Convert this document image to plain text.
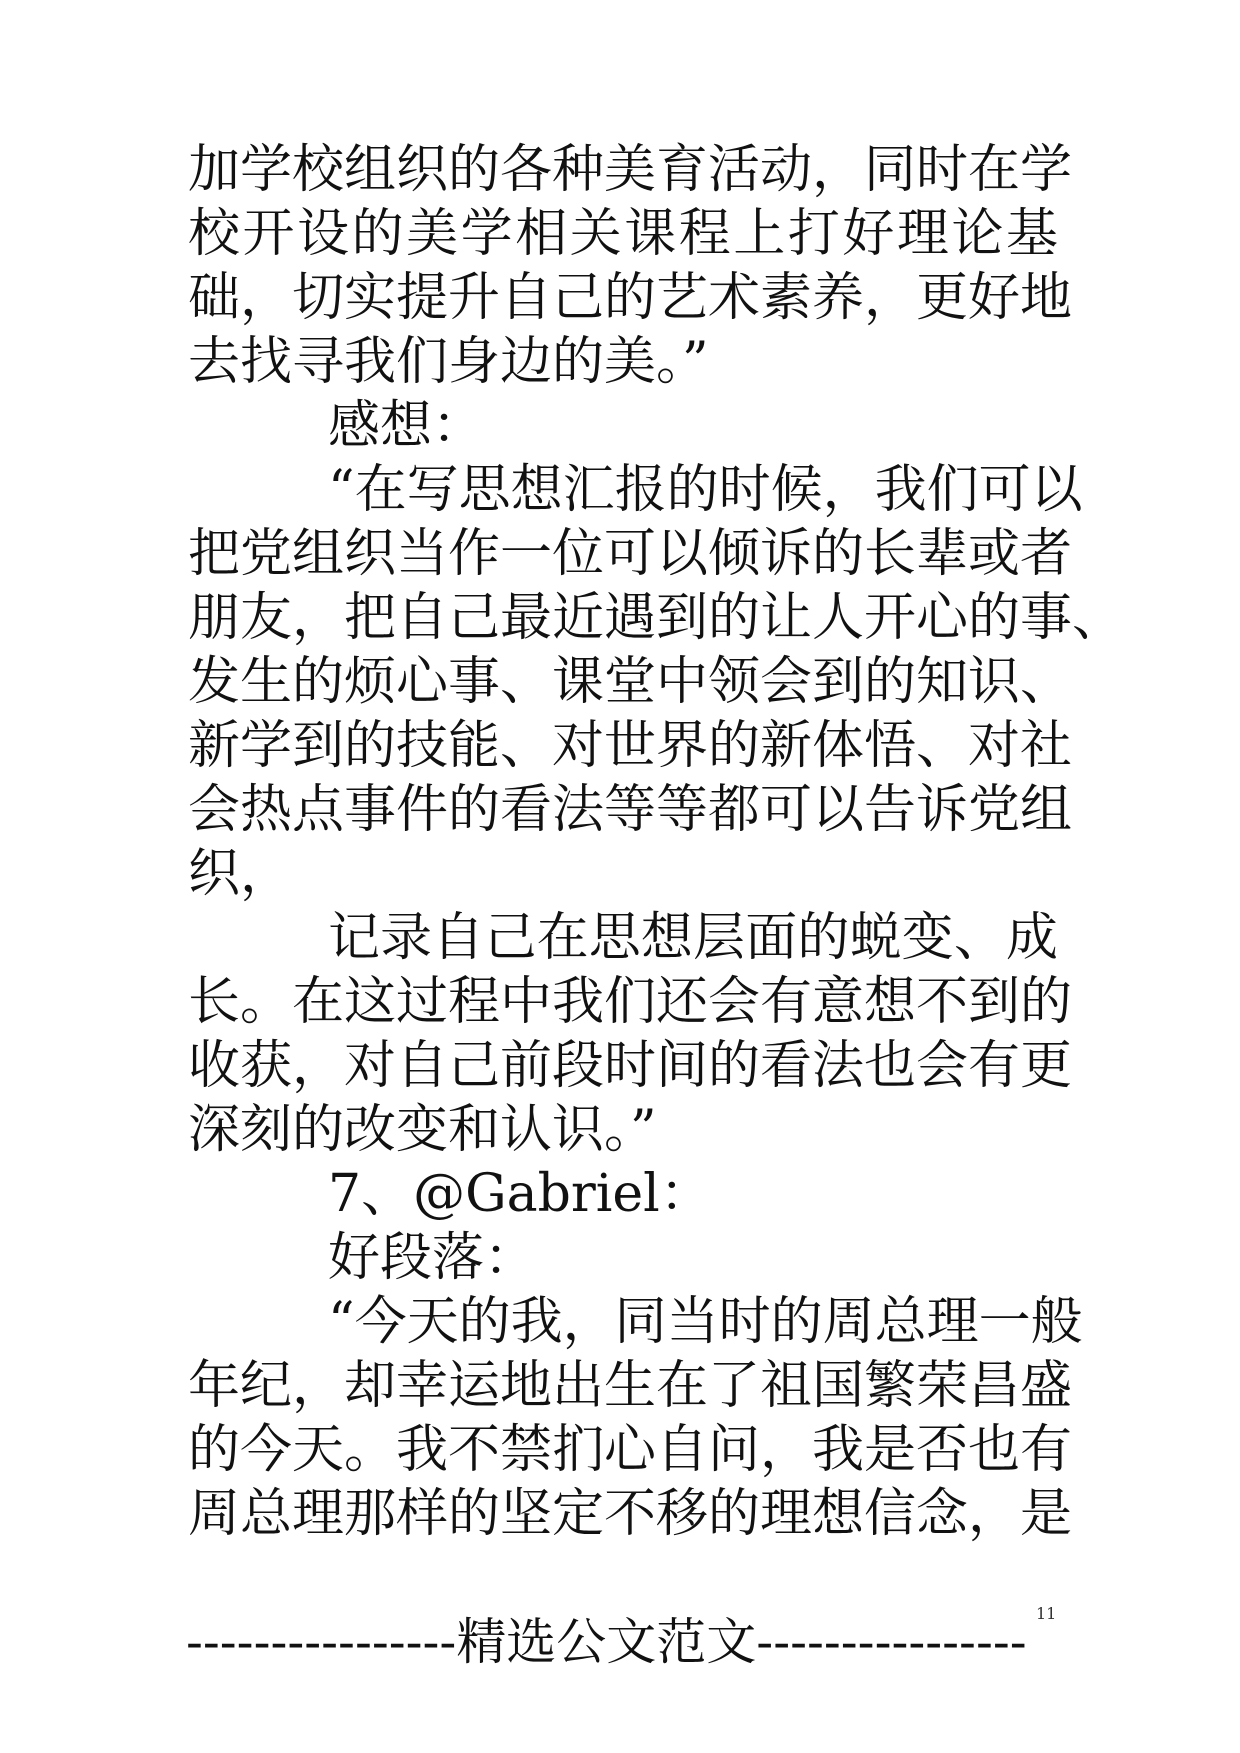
加学校组织的各种美育活动，同时在学
校开设的美学相关课程上打好理论基
础，切实提升自己的艺术素养，更好地
去找寻我们身边的美。”
感想：
“在写思想汇报的时候，我们可以
把党组织当作一位可以倾诉的长辈或者
朋友，把自己最近遇到的让人开心的事、
发生的烦心事、课堂中领会到的知识、
新学到的技能、对世界的新体悟、对社
会热点事件的看法等等都可以告诉党组
织，
记录自己在思想层面的蜕变、成
长。在这过程中我们还会有意想不到的
收获，对自己前段时间的看法也会有更
深刻的改变和认识。”
7、@Gabriel：
好段落：
“今天的我，同当时的周总理一般
年纪，却幸运地出生在了祖国繁荣昌盛
的今天。我不禁扪心自问，我是否也有
周总理那样的坚定不移的理想信念，是
11
----------------精选公文范文----------------
